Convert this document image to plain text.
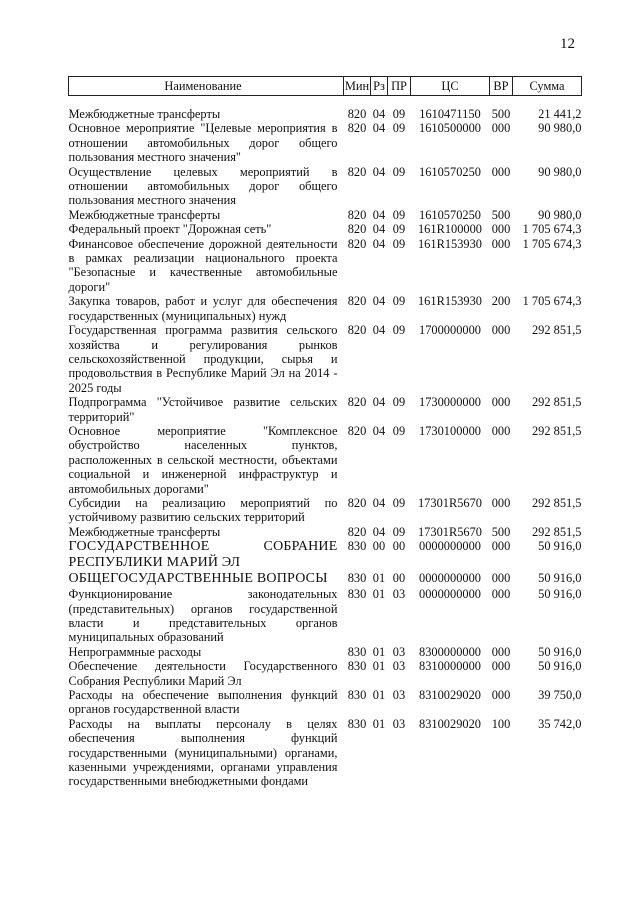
12
Наименование	Мин	Рз	ПР	ЦС	ВР	Сумма

Межбюджетные трансферты	820	04	09	1610471150	500	21 441,2
Основное мероприятие "Целевые мероприятия в отношении автомобильных дорог общего пользования местного значения"	820	04	09	1610500000	000	90 980,0
Осуществление целевых мероприятий в отношении автомобильных дорог общего пользования местного значения	820	04	09	1610570250	000	90 980,0
Межбюджетные трансферты	820	04	09	1610570250	500	90 980,0
Федеральный проект "Дорожная сеть"	820	04	09	161R100000	000	1 705 674,3
Финансовое обеспечение дорожной деятельности в рамках реализации национального проекта "Безопасные и качественные автомобильные дороги"	820	04	09	161R153930	000	1 705 674,3
Закупка товаров, работ и услуг для обеспечения государственных (муниципальных) нужд	820	04	09	161R153930	200	1 705 674,3
Государственная программа развития сельского хозяйства и регулирования рынков сельскохозяйственной продукции, сырья и продовольствия в Республике Марий Эл на 2014 - 2025 годы	820	04	09	1700000000	000	292 851,5
Подпрограмма "Устойчивое развитие сельских территорий"	820	04	09	1730000000	000	292 851,5
Основное мероприятие "Комплексное обустройство населенных пунктов, расположенных в сельской местности, объектами социальной и инженерной инфраструктур и автомобильных дорогами"	820	04	09	1730100000	000	292 851,5
Субсидии на реализацию мероприятий по устойчивому развитию сельских территорий	820	04	09	17301R5670	000	292 851,5
Межбюджетные трансферты	820	04	09	17301R5670	500	292 851,5
ГОСУДАРСТВЕННОЕ СОБРАНИЕ РЕСПУБЛИКИ МАРИЙ ЭЛ	830	00	00	0000000000	000	50 916,0
ОБЩЕГОСУДАРСТВЕННЫЕ ВОПРОСЫ	830	01	00	0000000000	000	50 916,0
Функционирование законодательных (представительных) органов государственной власти и представительных органов муниципальных образований	830	01	03	0000000000	000	50 916,0
Непрограммные расходы	830	01	03	8300000000	000	50 916,0
Обеспечение деятельности Государственного Собрания Республики Марий Эл	830	01	03	8310000000	000	50 916,0
Расходы на обеспечение выполнения функций органов государственной власти	830	01	03	8310029020	000	39 750,0
Расходы на выплаты персоналу в целях обеспечения выполнения функций государственными (муниципальными) органами, казенными учреждениями, органами управления государственными внебюджетными фондами	830	01	03	8310029020	100	35 742,0
